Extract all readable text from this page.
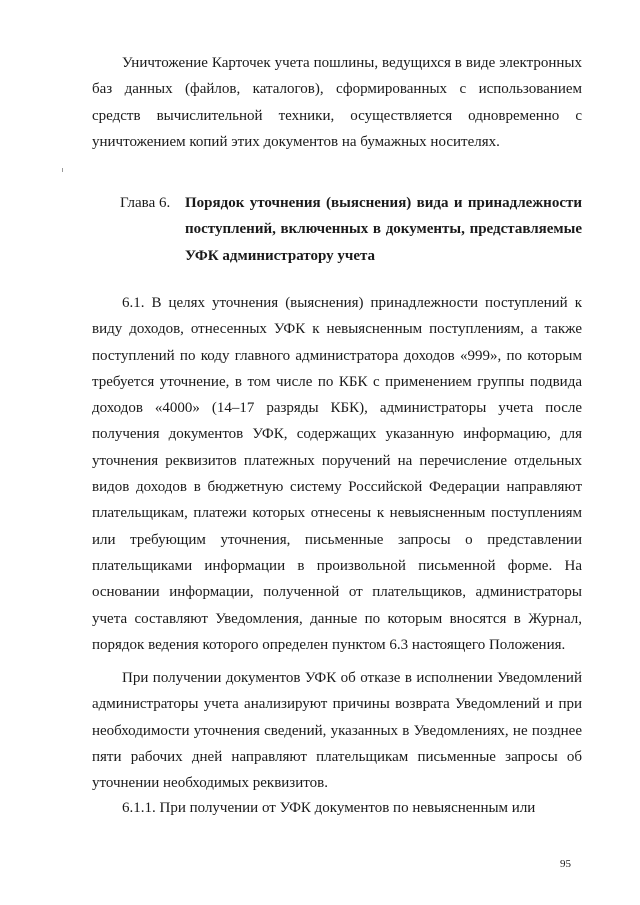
Уничтожение Карточек учета пошлины, ведущихся в виде электронных баз данных (файлов, каталогов), сформированных с использованием средств вычислительной техники, осуществляется одновременно с уничтожением копий этих документов на бумажных носителях.

Глава 6. Порядок уточнения (выяснения) вида и принадлежности поступлений, включенных в документы, представляемые УФК администратору учета

6.1. В целях уточнения (выяснения) принадлежности поступлений к виду доходов, отнесенных УФК к невыясненным поступлениям, а также поступлений по коду главного администратора доходов «999», по которым требуется уточнение, в том числе по КБК с применением группы подвида доходов «4000» (14–17 разряды КБК), администраторы учета после получения документов УФК, содержащих указанную информацию, для уточнения реквизитов платежных поручений на перечисление отдельных видов доходов в бюджетную систему Российской Федерации направляют плательщикам, платежи которых отнесены к невыясненным поступлениям или требующим уточнения, письменные запросы о представлении плательщиками информации в произвольной письменной форме. На основании информации, полученной от плательщиков, администраторы учета составляют Уведомления, данные по которым вносятся в Журнал, порядок ведения которого определен пунктом 6.3 настоящего Положения.

При получении документов УФК об отказе в исполнении Уведомлений администраторы учета анализируют причины возврата Уведомлений и при необходимости уточнения сведений, указанных в Уведомлениях, не позднее пяти рабочих дней направляют плательщикам письменные запросы об уточнении необходимых реквизитов.

6.1.1. При получении от УФК документов по невыясненным или

95
